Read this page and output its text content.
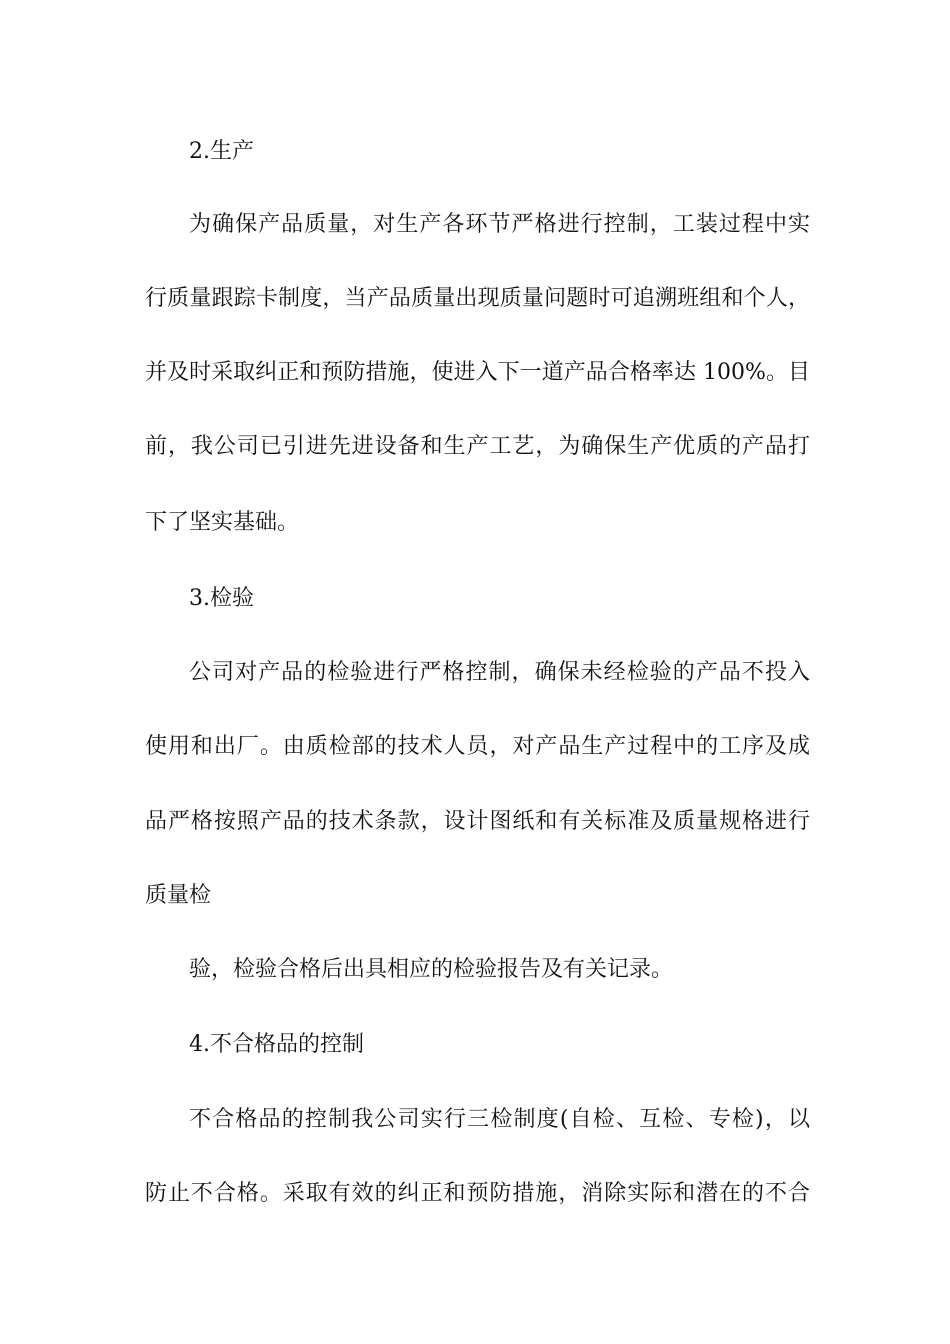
2.生产
为确保产品质量，对生产各环节严格进行控制，工装过程中实
行质量跟踪卡制度，当产品质量出现质量问题时可追溯班组和个人，
并及时采取纠正和预防措施，使进入下一道产品合格率达 100%。目
前，我公司已引进先进设备和生产工艺，为确保生产优质的产品打
下了坚实基础。
3.检验
公司对产品的检验进行严格控制，确保未经检验的产品不投入
使用和出厂。由质检部的技术人员，对产品生产过程中的工序及成
品严格按照产品的技术条款，设计图纸和有关标准及质量规格进行
质量检
验，检验合格后出具相应的检验报告及有关记录。
4.不合格品的控制
不合格品的控制我公司实行三检制度(自检、互检、专检)，以
防止不合格。采取有效的纠正和预防措施，消除实际和潜在的不合
